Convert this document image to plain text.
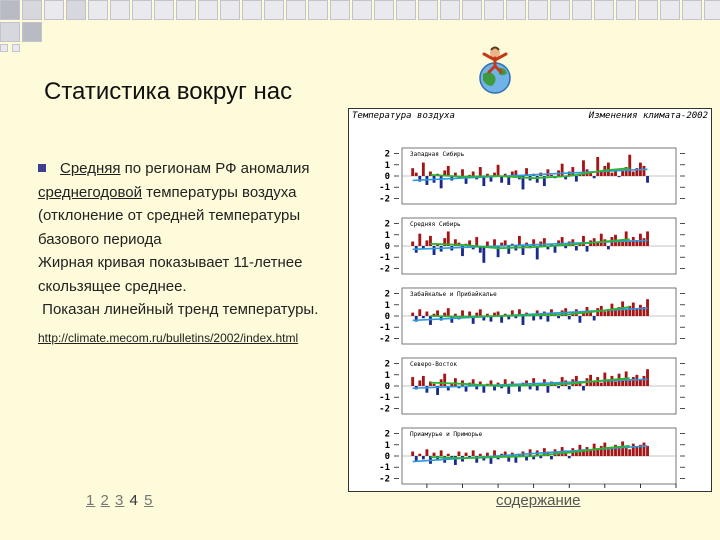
Статистика вокруг нас
Средняя по регионам РФ аномалия
среднегодовой температуры воздуха
(отклонение от средней температуры
базового периода
Жирная кривая показывает 11-летнее
скользящее среднее.
Показан линейный тренд температуры.
http://climate.mecom.ru/bulletins/2002/index.html
1 2 3 4 5	содержание
Температура воздуха	Изменения климата-2002
Западная Сибирь
2
1
0
-1
-2
Средняя Сибирь
2
1
0
-1
-2
Забайкалье и Прибайкалье
2
1
0
-1
-2
Северо-Восток
2
1
0
-1
-2
Приамурье и Приморье
2
1
0
-1
-2
